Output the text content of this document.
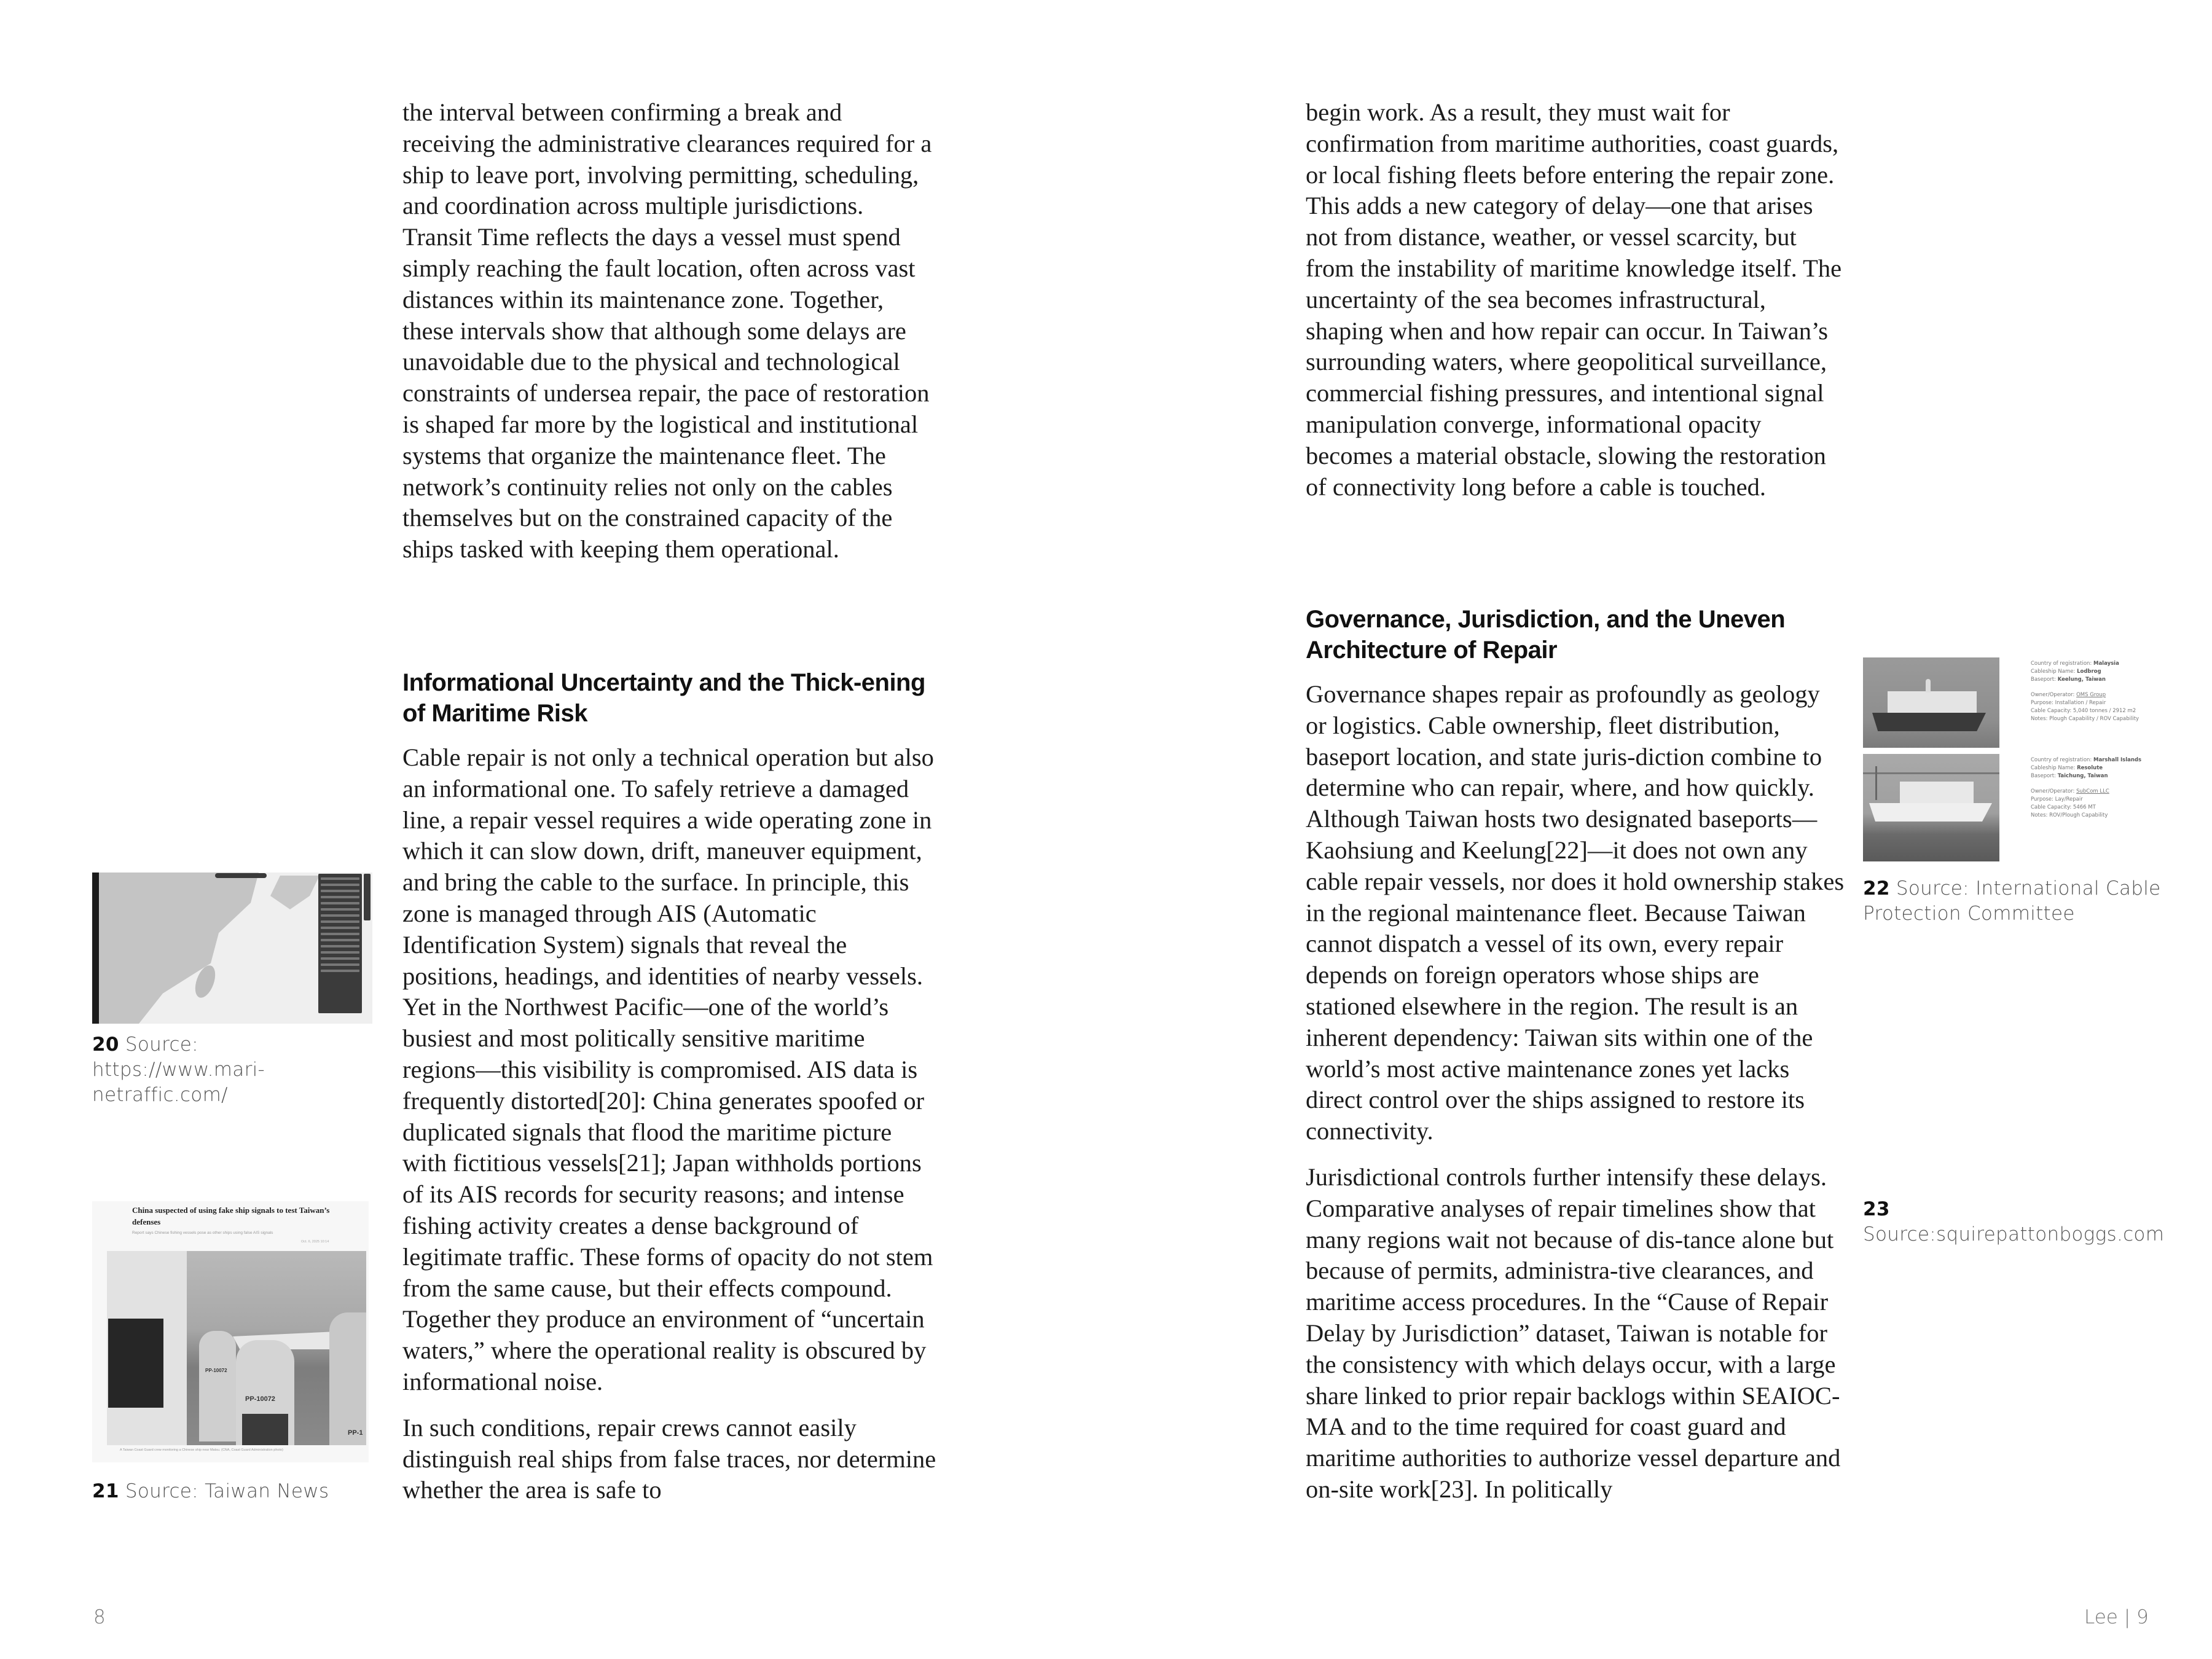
the interval between confirming a break and receiving the administrative clearances required for a ship to leave port, involving permitting, scheduling, and coordination across multiple jurisdictions. Transit Time reflects the days a vessel must spend simply reaching the fault location, often across vast distances within its maintenance zone. Together, these intervals show that although some delays are unavoidable due to the physical and technological constraints of undersea repair, the pace of restoration is shaped far more by the logistical and institutional systems that organize the maintenance fleet. The network’s continuity relies not only on the cables themselves but on the constrained capacity of the ships tasked with keeping them operational.

Informational Uncertainty and the Thick-ening of Maritime Risk

Cable repair is not only a technical operation but also an informational one. To safely retrieve a damaged line, a repair vessel requires a wide operating zone in which it can slow down, drift, maneuver equipment, and bring the cable to the surface. In principle, this zone is managed through AIS (Automatic Identification System) signals that reveal the positions, headings, and identities of nearby vessels. Yet in the Northwest Pacific—one of the world’s busiest and most politically sensitive maritime regions—this visibility is compromised. AIS data is frequently distorted[20]: China generates spoofed or duplicated signals that flood the maritime picture with fictitious vessels[21]; Japan withholds portions of its AIS records for security reasons; and intense fishing activity creates a dense background of legitimate traffic. These forms of opacity do not stem from the same cause, but their effects compound. Together they produce an environment of “uncertain waters,” where the operational reality is obscured by informational noise.

In such conditions, repair crews cannot easily distinguish real ships from false traces, nor determine whether the area is safe to

20 Source: https://www.mari-netraffic.com/
China suspected of using fake ship signals to test Taiwan’s defenses
Report says Chinese fishing vessels pose as other ships using false AIS signals
Oct. 6, 2025 10:14
PP-10072
PP-10072
PP-1
A Taiwan Coast Guard crew monitoring a Chinese ship near Matsu. (CNA, Coast Guard Administration photo)
21 Source: Taiwan News
8

begin work. As a result, they must wait for confirmation from maritime authorities, coast guards, or local fishing fleets before entering the repair zone. This adds a new category of delay—one that arises not from distance, weather, or vessel scarcity, but from the instability of maritime knowledge itself. The uncertainty of the sea becomes infrastructural, shaping when and how repair can occur. In Taiwan’s surrounding waters, where geopolitical surveillance, commercial fishing pressures, and intentional signal manipulation converge, informational opacity becomes a material obstacle, slowing the restoration of connectivity long before a cable is touched.

Governance, Jurisdiction, and the Uneven Architecture of Repair

Governance shapes repair as profoundly as geology or logistics. Cable ownership, fleet distribution, baseport location, and state juris-diction combine to determine who can repair, where, and how quickly. Although Taiwan hosts two designated baseports—Kaohsiung and Keelung[22]—it does not own any cable repair vessels, nor does it hold ownership stakes in the regional maintenance fleet. Because Taiwan cannot dispatch a vessel of its own, every repair depends on foreign operators whose ships are stationed elsewhere in the region. The result is an inherent dependency: Taiwan sits within one of the world’s most active maintenance zones yet lacks direct control over the ships assigned to restore its connectivity.

Jurisdictional controls further intensify these delays. Comparative analyses of repair timelines show that many regions wait not because of dis-tance alone but because of permits, administra-tive clearances, and maritime access procedures. In the “Cause of Repair Delay by Jurisdiction” dataset, Taiwan is notable for the consistency with which delays occur, with a large share linked to prior repair backlogs within SEAIOC-MA and to the time required for coast guard and maritime authorities to authorize vessel departure and on-site work[23]. In politically

Lee | 9
Country of registration: Malaysia
Cableship Name: Lodbrog
Baseport: Keelung, Taiwan
Owner/Operator: OMS Group
Purpose: Installation / Repair
Cable Capacity: 5,040 tonnes / 2912 m2
Notes: Plough Capability / ROV Capability
Country of registration: Marshall Islands
Cableship Name: Resolute
Baseport: Taichung, Taiwan
Owner/Operator: SubCom LLC
Purpose: Lay/Repair
Cable Capacity: 5466 MT
Notes: ROV/Plough Capability
22 Source: International Cable Protection Committee
23 Source:squirepattonboggs.com
